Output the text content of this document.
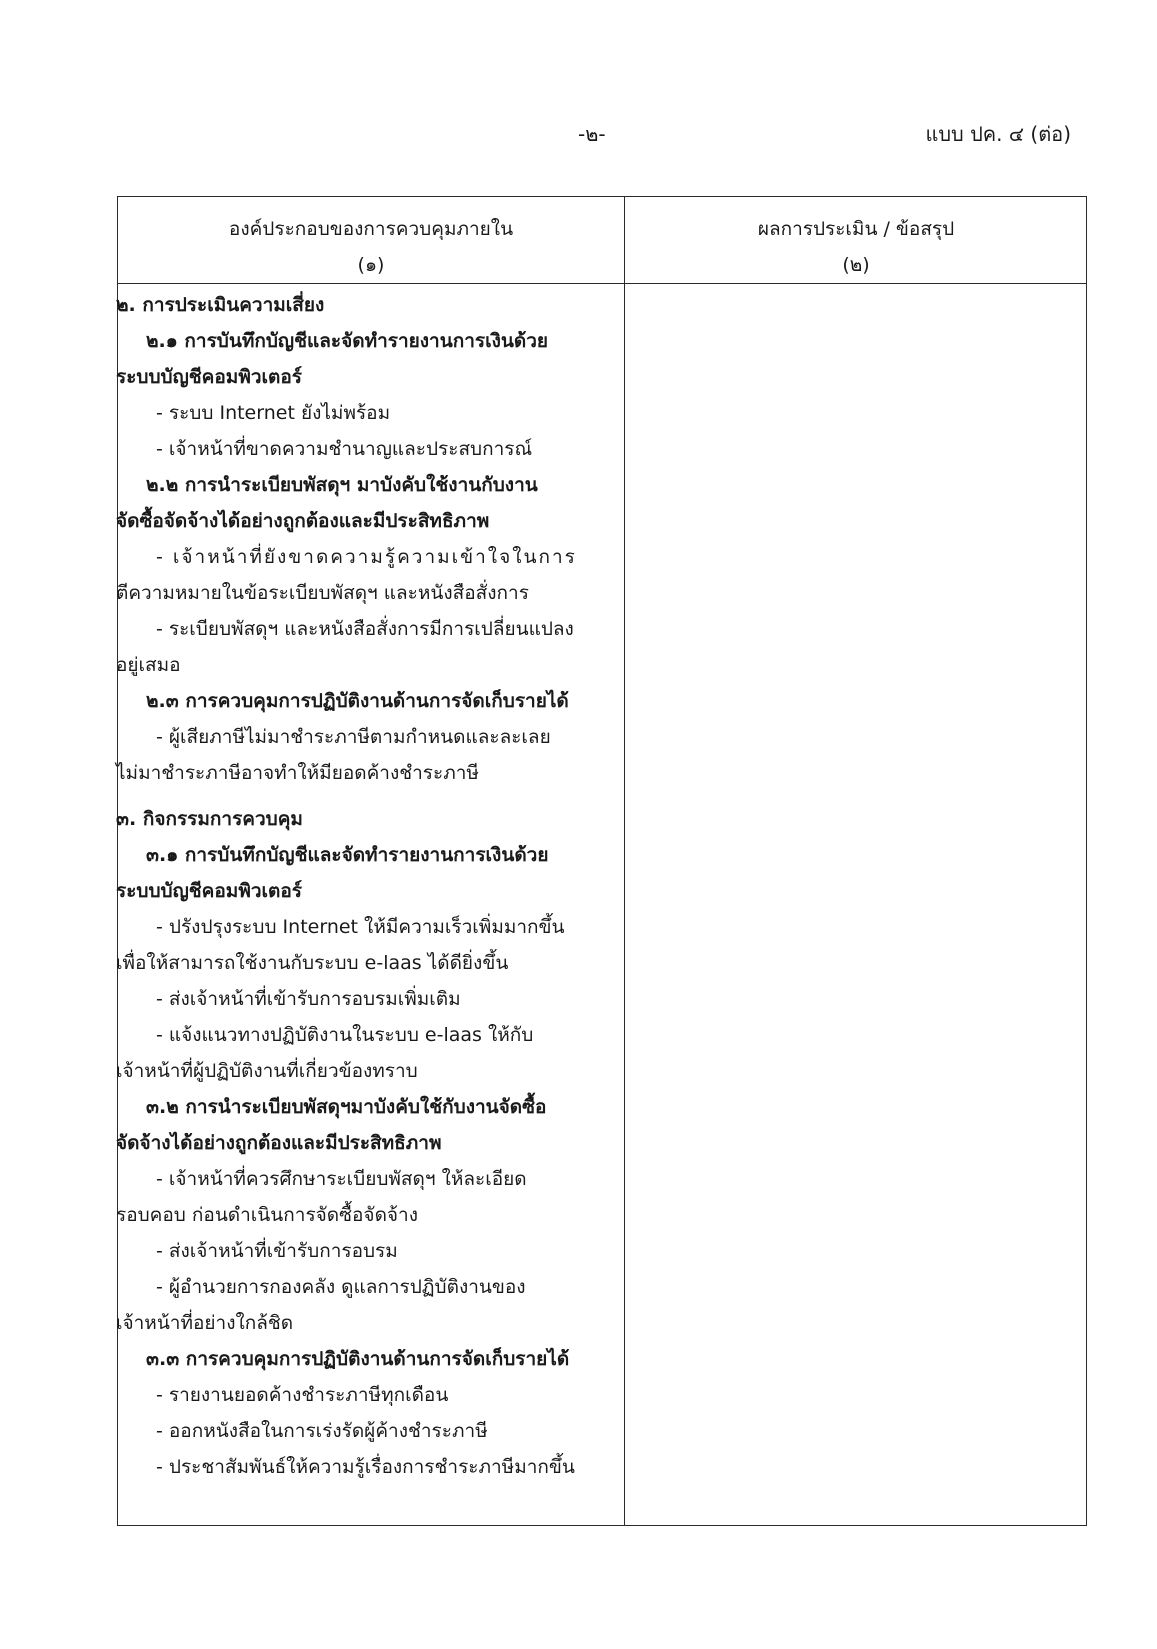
-๒-	แบบ ปค. ๔ (ต่อ)
องค์ประกอบของการควบคุมภายใน
(๑)
ผลการประเมิน / ข้อสรุป
(๒)
๒. การประเมินความเสี่ยง
๒.๑ การบันทึกบัญชีและจัดทำรายงานการเงินด้วย
ระบบบัญชีคอมพิวเตอร์
- ระบบ Internet ยังไม่พร้อม
- เจ้าหน้าที่ขาดความชำนาญและประสบการณ์
๒.๒ การนำระเบียบพัสดุฯ มาบังคับใช้งานกับงาน
จัดซื้อจัดจ้างได้อย่างถูกต้องและมีประสิทธิภาพ
- เจ้าหน้าที่ยังขาดความรู้ความเข้าใจในการ
ตีความหมายในข้อระเบียบพัสดุฯ และหนังสือสั่งการ
- ระเบียบพัสดุฯ และหนังสือสั่งการมีการเปลี่ยนแปลง
อยู่เสมอ
๒.๓ การควบคุมการปฏิบัติงานด้านการจัดเก็บรายได้
- ผู้เสียภาษีไม่มาชำระภาษีตามกำหนดและละเลย
ไม่มาชำระภาษีอาจทำให้มียอดค้างชำระภาษี
๓. กิจกรรมการควบคุม
๓.๑ การบันทึกบัญชีและจัดทำรายงานการเงินด้วย
ระบบบัญชีคอมพิวเตอร์
- ปรังปรุงระบบ Internet ให้มีความเร็วเพิ่มมากขึ้น
เพื่อให้สามารถใช้งานกับระบบ e-laas ได้ดียิ่งขึ้น
- ส่งเจ้าหน้าที่เข้ารับการอบรมเพิ่มเติม
- แจ้งแนวทางปฏิบัติงานในระบบ e-laas ให้กับ
เจ้าหน้าที่ผู้ปฏิบัติงานที่เกี่ยวข้องทราบ
๓.๒ การนำระเบียบพัสดุฯมาบังคับใช้กับงานจัดซื้อ
จัดจ้างได้อย่างถูกต้องและมีประสิทธิภาพ
- เจ้าหน้าที่ควรศึกษาระเบียบพัสดุฯ ให้ละเอียด
รอบคอบ ก่อนดำเนินการจัดซื้อจัดจ้าง
- ส่งเจ้าหน้าที่เข้ารับการอบรม
- ผู้อำนวยการกองคลัง ดูแลการปฏิบัติงานของ
เจ้าหน้าที่อย่างใกล้ชิด
๓.๓ การควบคุมการปฏิบัติงานด้านการจัดเก็บรายได้
- รายงานยอดค้างชำระภาษีทุกเดือน
- ออกหนังสือในการเร่งรัดผู้ค้างชำระภาษี
- ประชาสัมพันธ์ให้ความรู้เรื่องการชำระภาษีมากขึ้น
